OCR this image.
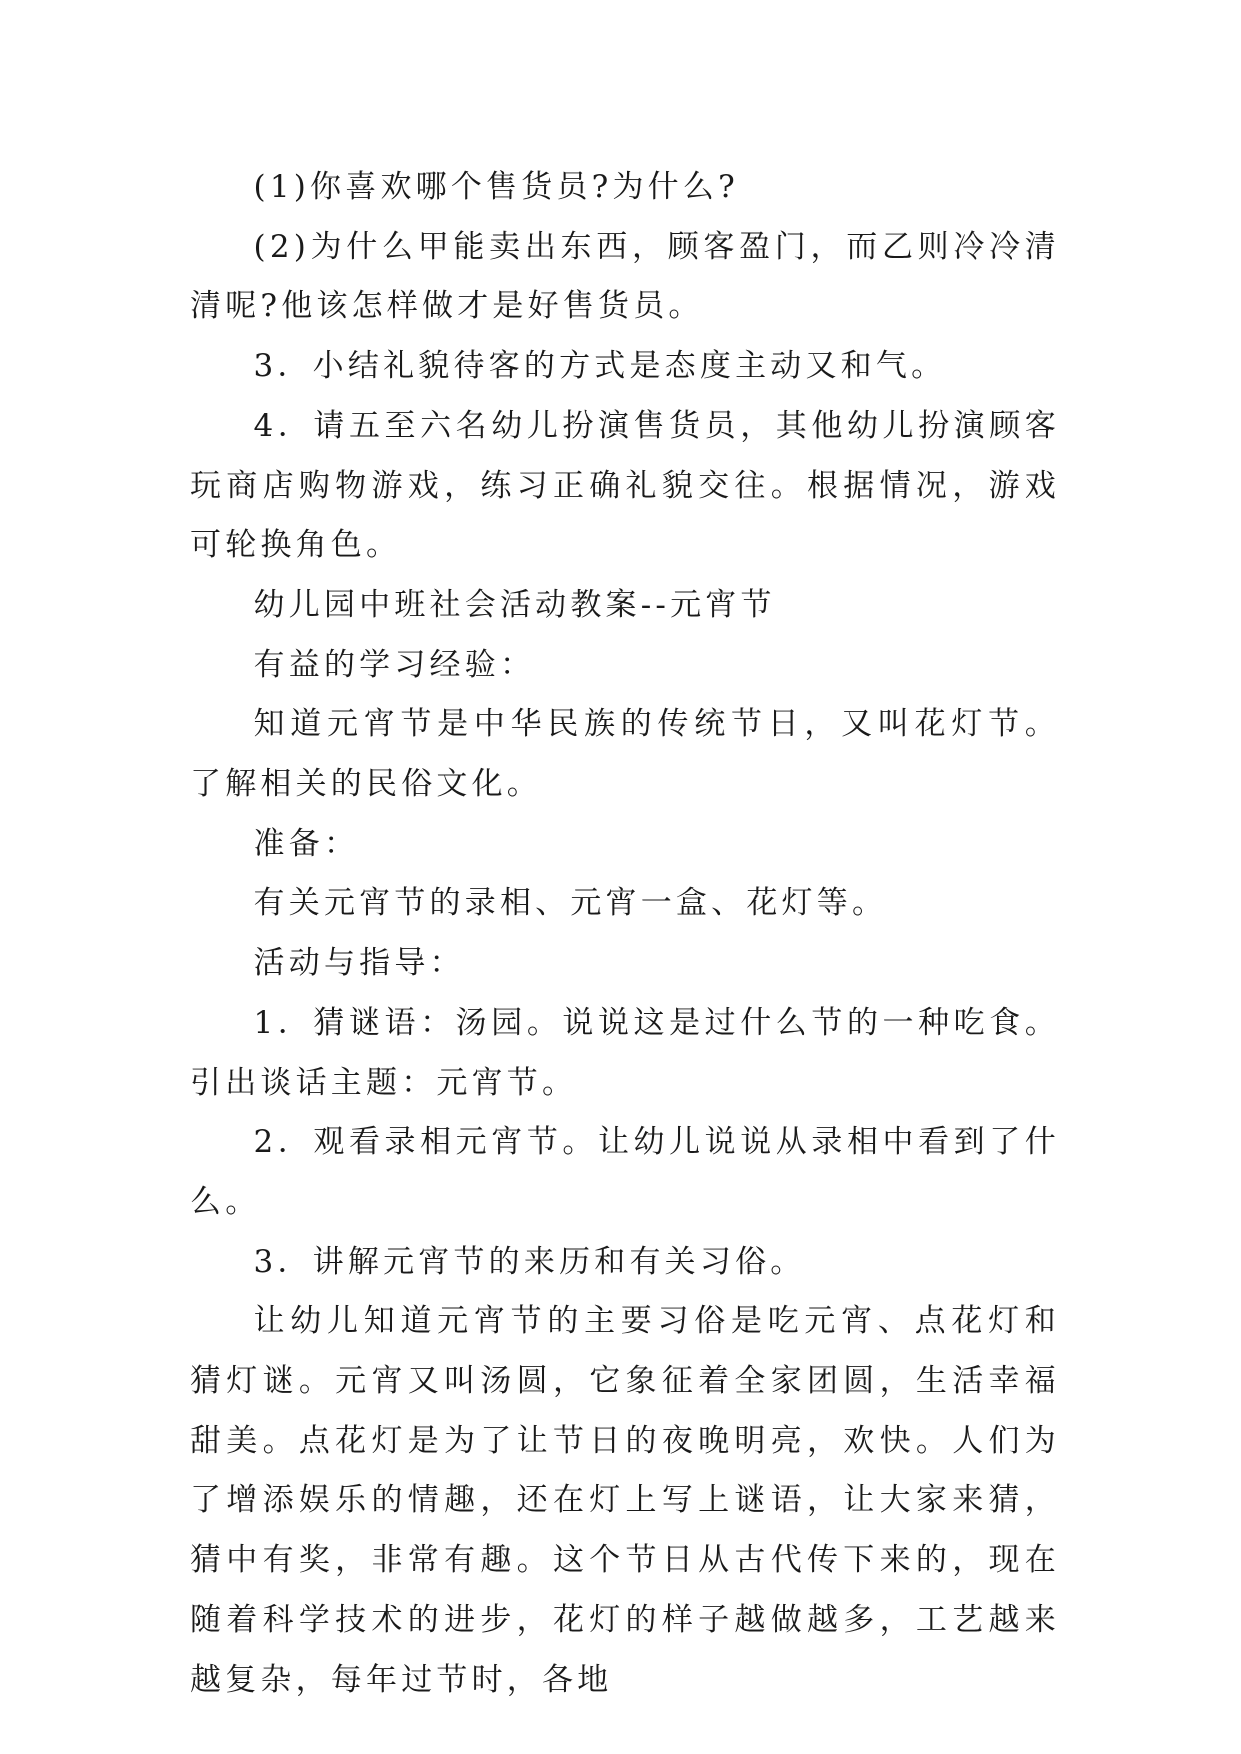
(1)你喜欢哪个售货员?为什么?

(2)为什么甲能卖出东西，顾客盈门，而乙则冷冷清清呢?他该怎样做才是好售货员。

3．小结礼貌待客的方式是态度主动又和气。

4．请五至六名幼儿扮演售货员，其他幼儿扮演顾客玩商店购物游戏，练习正确礼貌交往。根据情况，游戏可轮换角色。

幼儿园中班社会活动教案--元宵节

有益的学习经验：

知道元宵节是中华民族的传统节日，又叫花灯节。了解相关的民俗文化。

准备：

有关元宵节的录相、元宵一盒、花灯等。

活动与指导：

1．猜谜语：汤园。说说这是过什么节的一种吃食。引出谈话主题：元宵节。

2．观看录相元宵节。让幼儿说说从录相中看到了什么。

3．讲解元宵节的来历和有关习俗。

让幼儿知道元宵节的主要习俗是吃元宵、点花灯和猜灯谜。元宵又叫汤圆，它象征着全家团圆，生活幸福甜美。点花灯是为了让节日的夜晚明亮，欢快。人们为了增添娱乐的情趣，还在灯上写上谜语，让大家来猜，猜中有奖，非常有趣。这个节日从古代传下来的，现在随着科学技术的进步，花灯的样子越做越多，工艺越来越复杂，每年过节时，各地
